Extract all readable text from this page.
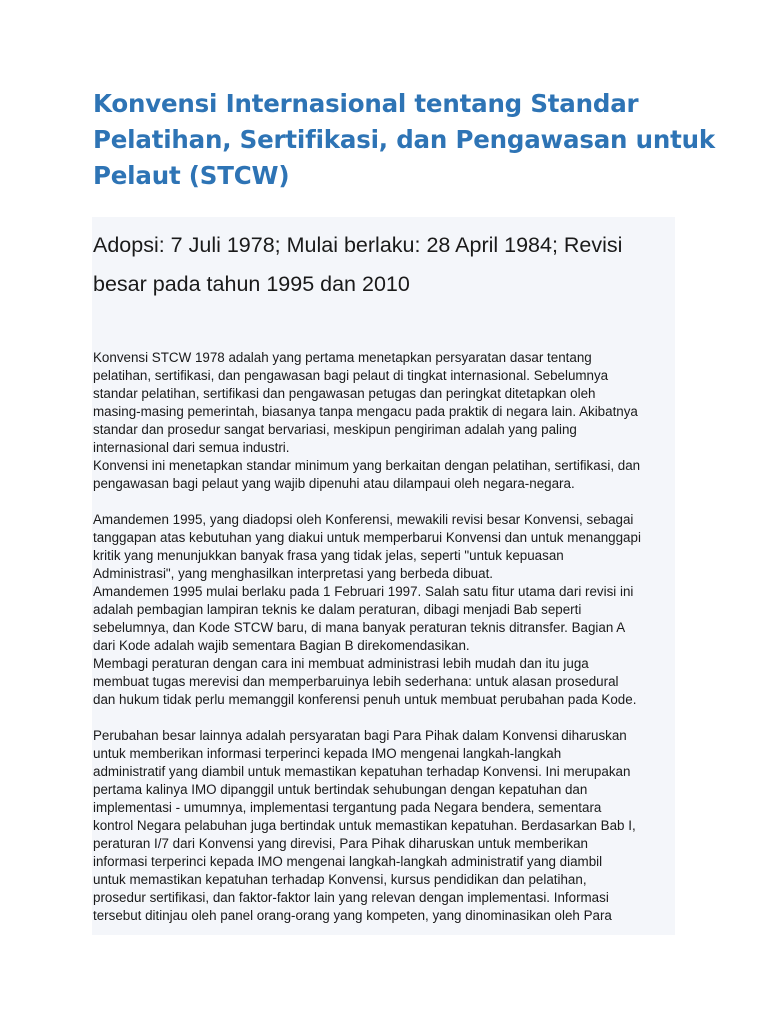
Konvensi Internasional tentang Standar
Pelatihan, Sertifikasi, dan Pengawasan untuk
Pelaut (STCW)

Adopsi: 7 Juli 1978; Mulai berlaku: 28 April 1984; Revisi
besar pada tahun 1995 dan 2010

Konvensi STCW 1978 adalah yang pertama menetapkan persyaratan dasar tentang
pelatihan, sertifikasi, dan pengawasan bagi pelaut di tingkat internasional. Sebelumnya
standar pelatihan, sertifikasi dan pengawasan petugas dan peringkat ditetapkan oleh
masing-masing pemerintah, biasanya tanpa mengacu pada praktik di negara lain. Akibatnya
standar dan prosedur sangat bervariasi, meskipun pengiriman adalah yang paling
internasional dari semua industri.
Konvensi ini menetapkan standar minimum yang berkaitan dengan pelatihan, sertifikasi, dan
pengawasan bagi pelaut yang wajib dipenuhi atau dilampaui oleh negara-negara.
Amandemen 1995, yang diadopsi oleh Konferensi, mewakili revisi besar Konvensi, sebagai
tanggapan atas kebutuhan yang diakui untuk memperbarui Konvensi dan untuk menanggapi
kritik yang menunjukkan banyak frasa yang tidak jelas, seperti "untuk kepuasan
Administrasi", yang menghasilkan interpretasi yang berbeda dibuat.
Amandemen 1995 mulai berlaku pada 1 Februari 1997. Salah satu fitur utama dari revisi ini
adalah pembagian lampiran teknis ke dalam peraturan, dibagi menjadi Bab seperti
sebelumnya, dan Kode STCW baru, di mana banyak peraturan teknis ditransfer. Bagian A
dari Kode adalah wajib sementara Bagian B direkomendasikan.
Membagi peraturan dengan cara ini membuat administrasi lebih mudah dan itu juga
membuat tugas merevisi dan memperbaruinya lebih sederhana: untuk alasan prosedural
dan hukum tidak perlu memanggil konferensi penuh untuk membuat perubahan pada Kode.
Perubahan besar lainnya adalah persyaratan bagi Para Pihak dalam Konvensi diharuskan
untuk memberikan informasi terperinci kepada IMO mengenai langkah-langkah
administratif yang diambil untuk memastikan kepatuhan terhadap Konvensi. Ini merupakan
pertama kalinya IMO dipanggil untuk bertindak sehubungan dengan kepatuhan dan
implementasi - umumnya, implementasi tergantung pada Negara bendera, sementara
kontrol Negara pelabuhan juga bertindak untuk memastikan kepatuhan. Berdasarkan Bab I,
peraturan I/7 dari Konvensi yang direvisi, Para Pihak diharuskan untuk memberikan
informasi terperinci kepada IMO mengenai langkah-langkah administratif yang diambil
untuk memastikan kepatuhan terhadap Konvensi, kursus pendidikan dan pelatihan,
prosedur sertifikasi, dan faktor-faktor lain yang relevan dengan implementasi. Informasi
tersebut ditinjau oleh panel orang-orang yang kompeten, yang dinominasikan oleh Para
